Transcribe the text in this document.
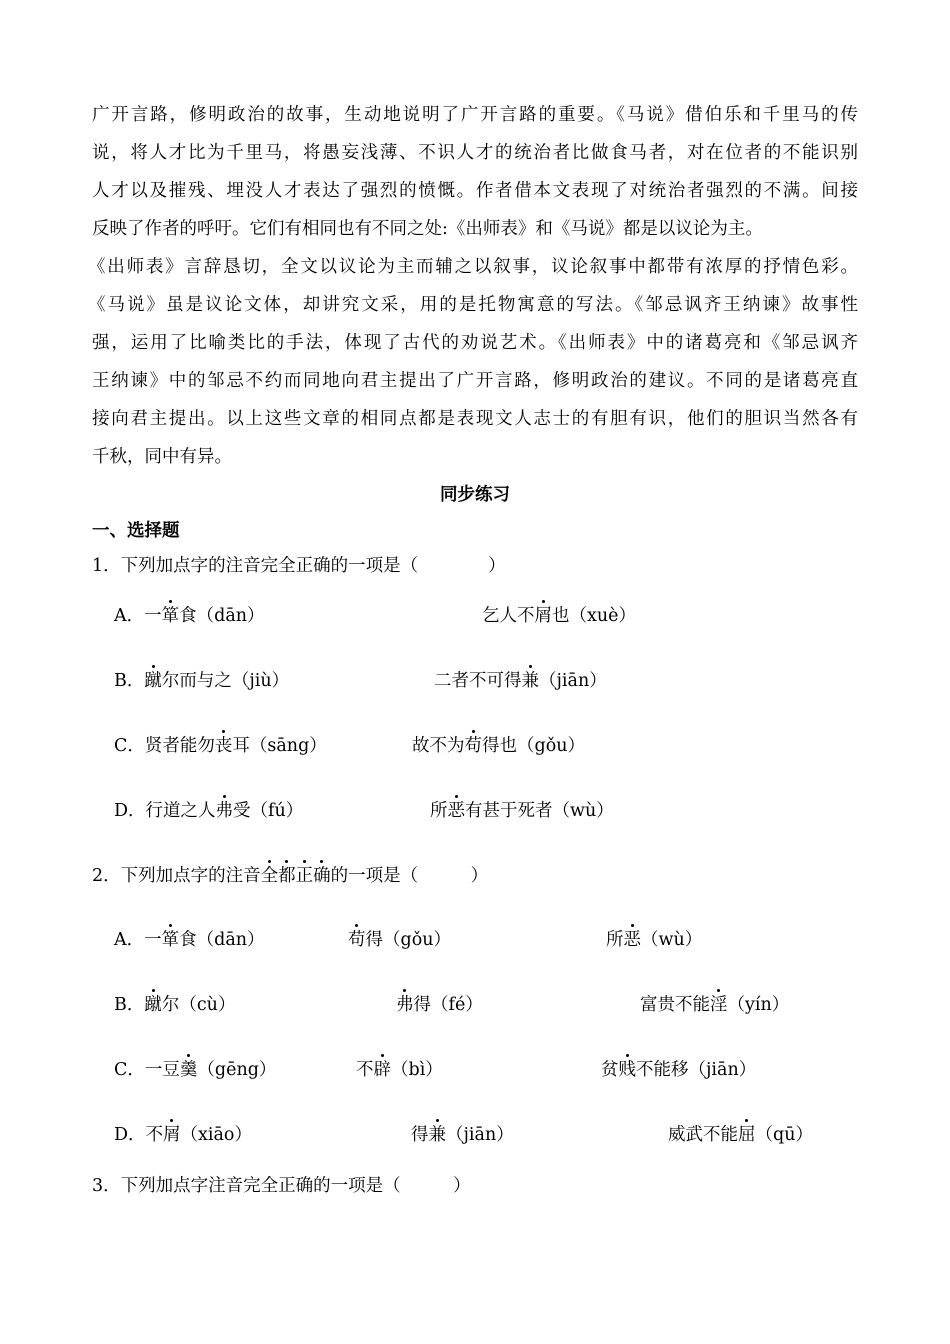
广开言路，修明政治的故事，生动地说明了广开言路的重要。《马说》借伯乐和千里马的传
说，将人才比为千里马，将愚妄浅薄、不识人才的统治者比做食马者，对在位者的不能识别
人才以及摧残、埋没人才表达了强烈的愤慨。作者借本文表现了对统治者强烈的不满。间接
反映了作者的呼吁。它们有相同也有不同之处:《出师表》和《马说》都是以议论为主。
《出师表》言辞恳切，全文以议论为主而辅之以叙事，议论叙事中都带有浓厚的抒情色彩。
《马说》虽是议论文体，却讲究文采，用的是托物寓意的写法。《邹忌讽齐王纳谏》故事性
强，运用了比喻类比的手法，体现了古代的劝说艺术。《出师表》中的诸葛亮和《邹忌讽齐
王纳谏》中的邹忌不约而同地向君主提出了广开言路，修明政治的建议。不同的是诸葛亮直
接向君主提出。以上这些文章的相同点都是表现文人志士的有胆有识，他们的胆识当然各有
千秋，同中有异。
同步练习
一、选择题
1．下列加点字的注音完全正确的一项是（　　　　）
A．一箪食（dān）	乞人不屑也（xuè）
B．蹴尔而与之（jiù）	二者不可得兼（jiān）
C．贤者能勿丧耳（sāng）	故不为苟得也（gǒu）
D．行道之人弗受（fú）	所恶有甚于死者（wù）
2．下列加点字的注音全都正确的一项是（　　　）
A．一箪食（dān）	苟得（gǒu）	所恶（wù）
B．蹴尔（cù）	弗得（fé）	富贵不能淫（yín）
C．一豆羹（gēng）	不辟（bì）	贫贱不能移（jiān）
D．不屑（xiāo）	得兼（jiān）	威武不能屈（qū）
3．下列加点字注音完全正确的一项是（　　　）
